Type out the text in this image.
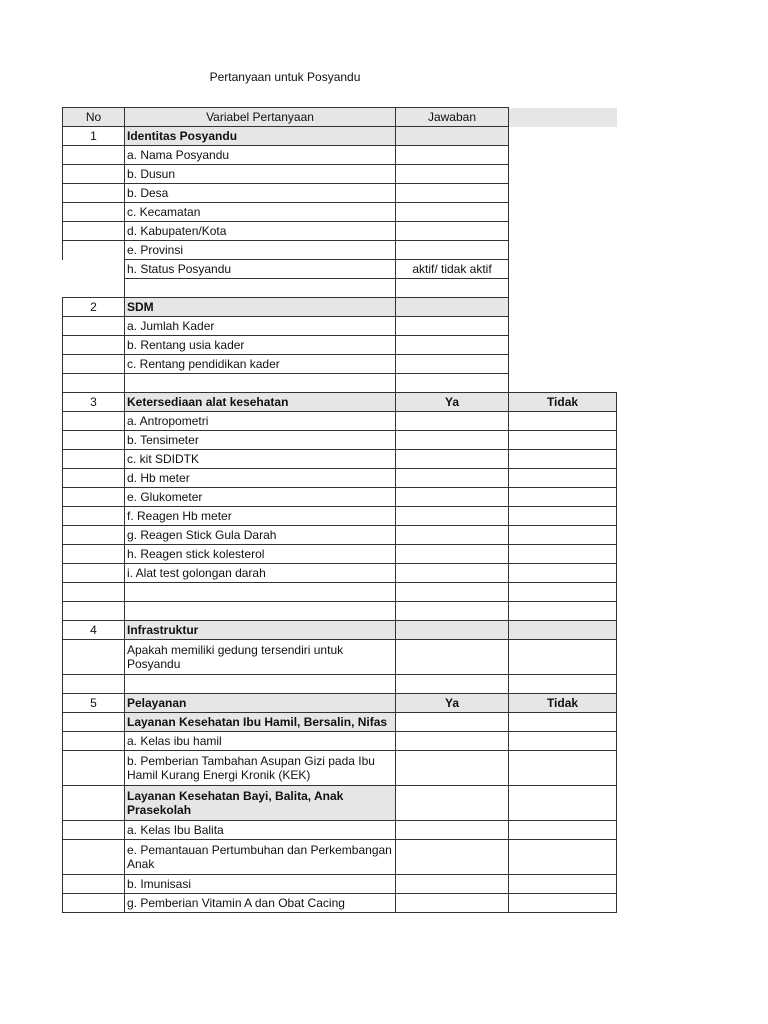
Pertanyaan untuk Posyandu
No	Variabel Pertanyaan	Jawaban	
1	Identitas Posyandu		
	a. Nama Posyandu		
	b. Dusun		
	b. Desa		
	c. Kecamatan		
	d. Kabupaten/Kota		
	e. Provinsi		
	h. Status Posyandu	aktif/ tidak aktif	

2	SDM		
	a. Jumlah Kader		
	b. Rentang usia kader		
	c. Rentang pendidikan kader		

3	Ketersediaan alat kesehatan	Ya	Tidak
	a. Antropometri		
	b. Tensimeter		
	c. kit SDIDTK		
	d. Hb meter		
	e. Glukometer		
	f. Reagen Hb meter		
	g. Reagen Stick Gula Darah		
	h. Reagen stick kolesterol		
	i. Alat test golongan darah		

4	Infrastruktur		
	Apakah memiliki gedung tersendiri untuk Posyandu		

5	Pelayanan	Ya	Tidak
	Layanan Kesehatan Ibu Hamil, Bersalin, Nifas		
	a. Kelas ibu hamil		
	b. Pemberian Tambahan Asupan Gizi pada Ibu Hamil Kurang Energi Kronik (KEK)		
	Layanan Kesehatan Bayi, Balita, Anak Prasekolah		
	a. Kelas Ibu Balita		
	e. Pemantauan Pertumbuhan dan Perkembangan Anak		
	b. Imunisasi		
	g. Pemberian Vitamin A dan Obat Cacing		
